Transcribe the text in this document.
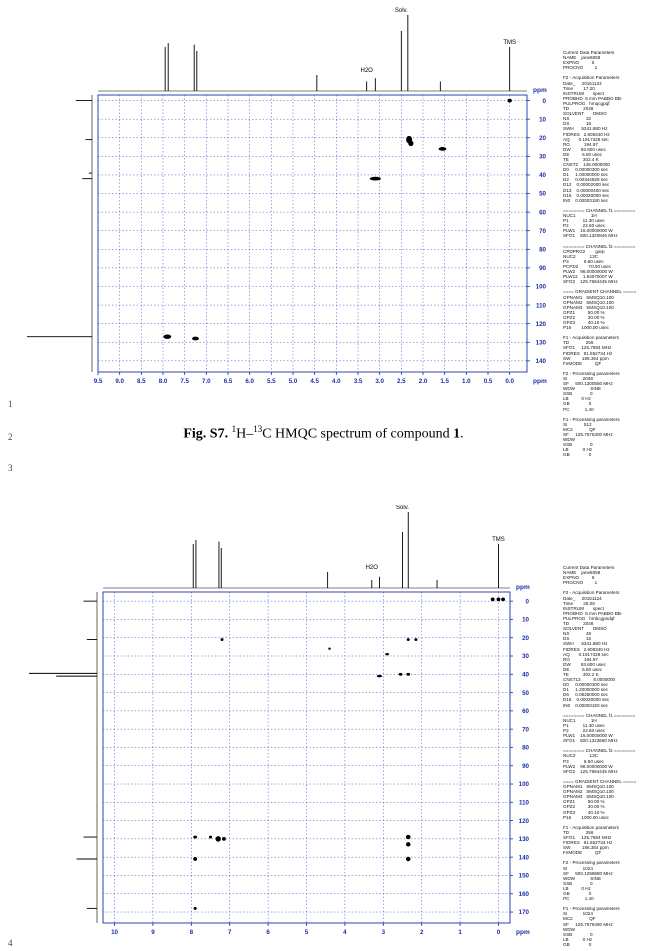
9.5 9.0 8.5 8.0 7.5 7.0 6.5 6.0 5.5 5.0 4.5 4.0 3.5 3.0 2.5 2.0 1.5 1.0 0.5 0.0	ppm
0
10
20
30
40
50
60
70
80
90
100
110
120
130
140
ppm
TMS
Solv.
H2O
Current Data Parameters
NAME    jane6058
EXPNO          5
PROCNO         1

F2 - Acquisition Parameters
Date_     20151124
Time        17.20
INSTRUM       spect
PROBHD  5 mm PABBO BB-
PULPROG   hmqcgpqf
TD           2048
SOLVENT       DMSO
NS             32
DS             16
SWH      5341.880 Hz
FIDRES   2.608340 Hz
AQ       0.1917428 sec
RG           194.97
DW        93.600 usec
DE          6.50 usec
TE           302.4 K
CNST2    145.0000000
D0     0.00000300 sec
D1     1.00000000 sec
D2     0.00344828 sec
D12    0.00002000 sec
D13    0.00000400 sec
D16    0.00020000 sec
IN0    0.00003150 sec

======== CHANNEL f1 ========
NUC1            1H
P1           11.30 usec
P2           22.60 usec
PLW1    16.00000000 W
SFO1    500.1320846 MHz

======== CHANNEL f2 ========
CPDPRG2        garp
NUC2           13C
P3            9.60 usec
PCPD2        70.00 usec
PLW2    98.00000000 W
PLW12    1.84070007 W
SFO2    125.7684445 MHz

==== GRADIENT CHANNEL =====
GPNAM1   SMSQ10.100
GPNAM2   SMSQ10.100
GPNAM3   SMSQ10.100
GPZ1          50.00 %
GPZ2          30.00 %
GPZ3          40.10 %
P16        1000.00 usec

F1 - Acquisition parameters
TD             256
SFO1     125.7684 MHz
FIDRES   91.552734 Hz
SW         186.354 ppm
FnMODE          QF

F2 - Processing parameters
SI            2048
SF     500.1300550 MHz
WDW            SINE
SSB              0
LB          0 Hz
GB               0
PC            1.40

F1 - Processing parameters
SI             512
MC2             QF
SF     125.7575300 MHz
WDW
SSB              0
LB           0 Hz
GB               0
1
2
3
Fig. S7. $^1$H–$^{13}$C HMQC spectrum of compound 1.
10	9	8	7	6	5	4	3	2	1	0 ppm
0
10
20
30
40
50
60
70
80
90
100
110
120
130
140
150
160
170
ppm
TMS
Solv.
H2O	Current Data Parameters
NAME    jane6058
EXPNO          6
PROCNO         1

F2 - Acquisition Parameters
Date_     20151124
Time        25.08
INSTRUM       spect
PROBHD  5 mm PABBO BB-
PULPROG   hmbcgpndqf
TD           2048
SOLVENT       DMSO
NS             48
DS             16
SWH      5341.880 Hz
FIDRES   2.608340 Hz
AQ       0.1917428 sec
RG           194.97
DW        93.600 usec
DE          6.50 usec
TE           302.2 K
CNST13          8.0000000
D0     0.00000300 sec
D1     1.20000000 sec
D6     0.06250000 sec
D16    0.00020000 sec
IN0    0.00003150 sec

======== CHANNEL f1 ========
NUC1            1H
P1           11.30 usec
P2           22.60 usec
PLW1    16.00000000 W
SFO1    500.1323660 MHz

======== CHANNEL f2 ========
NUC2           13C
P3            9.60 usec
PLW2    98.00000000 W
SFO2    125.7684445 MHz

==== GRADIENT CHANNEL =====
GPNAM1   SMSQ10.100
GPNAM2   SMSQ10.100
GPNAM3   SMSQ10.100
GPZ1          50.00 %
GPZ2          30.00 %
GPZ3          40.10 %
P16        1000.00 usec

F1 - Acquisition parameters
TD             256
SFO1     125.7684 MHz
FIDRES   91.552734 Hz
SW         186.354 ppm
FnMODE          QF

F2 - Processing parameters
SI            1024
SF     500.1299880 MHz
WDW            SINE
SSB              0
LB          0 Hz
GB               0
PC            1.40

F1 - Processing parameters
SI            1024
MC2             QF
SF     125.7578490 MHz
WDW
SSB              0
LB           0 Hz
GB               0
4
